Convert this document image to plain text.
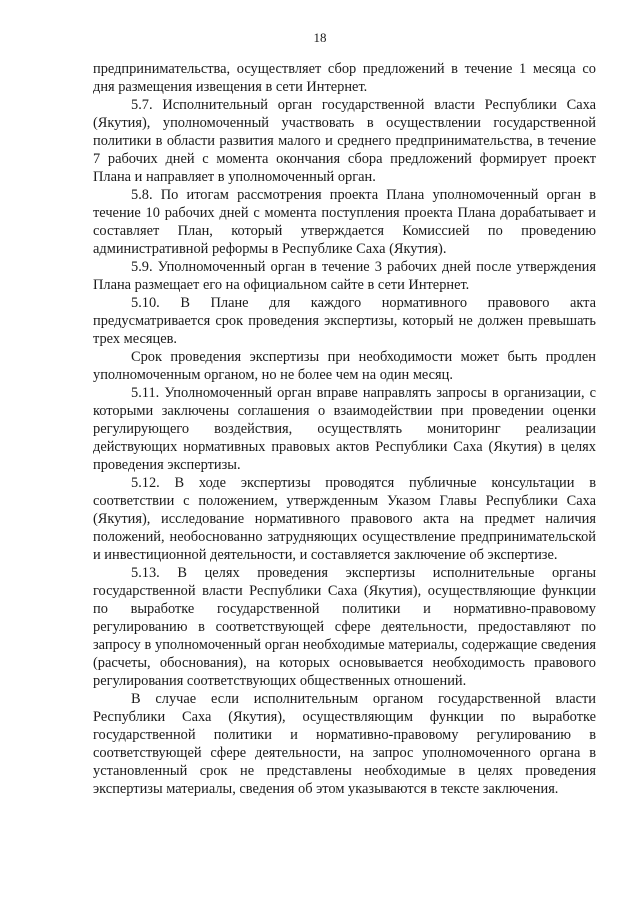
18

предпринимательства, осуществляет сбор предложений в течение 1 месяца со дня размещения извещения в сети Интернет.

5.7. Исполнительный орган государственной власти Республики Саха (Якутия), уполномоченный участвовать в осуществлении государственной политики в области развития малого и среднего предпринимательства, в течение 7 рабочих дней с момента окончания сбора предложений формирует проект Плана и направляет в уполномоченный орган.

5.8. По итогам рассмотрения проекта Плана уполномоченный орган в течение 10 рабочих дней с момента поступления проекта Плана дорабатывает и составляет План, который утверждается Комиссией по проведению административной реформы в Республике Саха (Якутия).

5.9. Уполномоченный орган в течение 3 рабочих дней после утверждения Плана размещает его на официальном сайте в сети Интернет.

5.10. В Плане для каждого нормативного правового акта предусматривается срок проведения экспертизы, который не должен превышать трех месяцев.

Срок проведения экспертизы при необходимости может быть продлен уполномоченным органом, но не более чем на один месяц.

5.11. Уполномоченный орган вправе направлять запросы в организации, с которыми заключены соглашения о взаимодействии при проведении оценки регулирующего воздействия, осуществлять мониторинг реализации действующих нормативных правовых актов Республики Саха (Якутия) в целях проведения экспертизы.

5.12. В ходе экспертизы проводятся публичные консультации в соответствии с положением, утвержденным Указом Главы Республики Саха (Якутия), исследование нормативного правового акта на предмет наличия положений, необоснованно затрудняющих осуществление предпринимательской и инвестиционной деятельности, и составляется заключение об экспертизе.

5.13. В целях проведения экспертизы исполнительные органы государственной власти Республики Саха (Якутия), осуществляющие функции по выработке государственной политики и нормативно-правовому регулированию в соответствующей сфере деятельности, предоставляют по запросу в уполномоченный орган необходимые материалы, содержащие сведения (расчеты, обоснования), на которых основывается необходимость правового регулирования соответствующих общественных отношений.

В случае если исполнительным органом государственной власти Республики Саха (Якутия), осуществляющим функции по выработке государственной политики и нормативно-правовому регулированию в соответствующей сфере деятельности, на запрос уполномоченного органа в установленный срок не представлены необходимые в целях проведения экспертизы материалы, сведения об этом указываются в тексте заключения.
